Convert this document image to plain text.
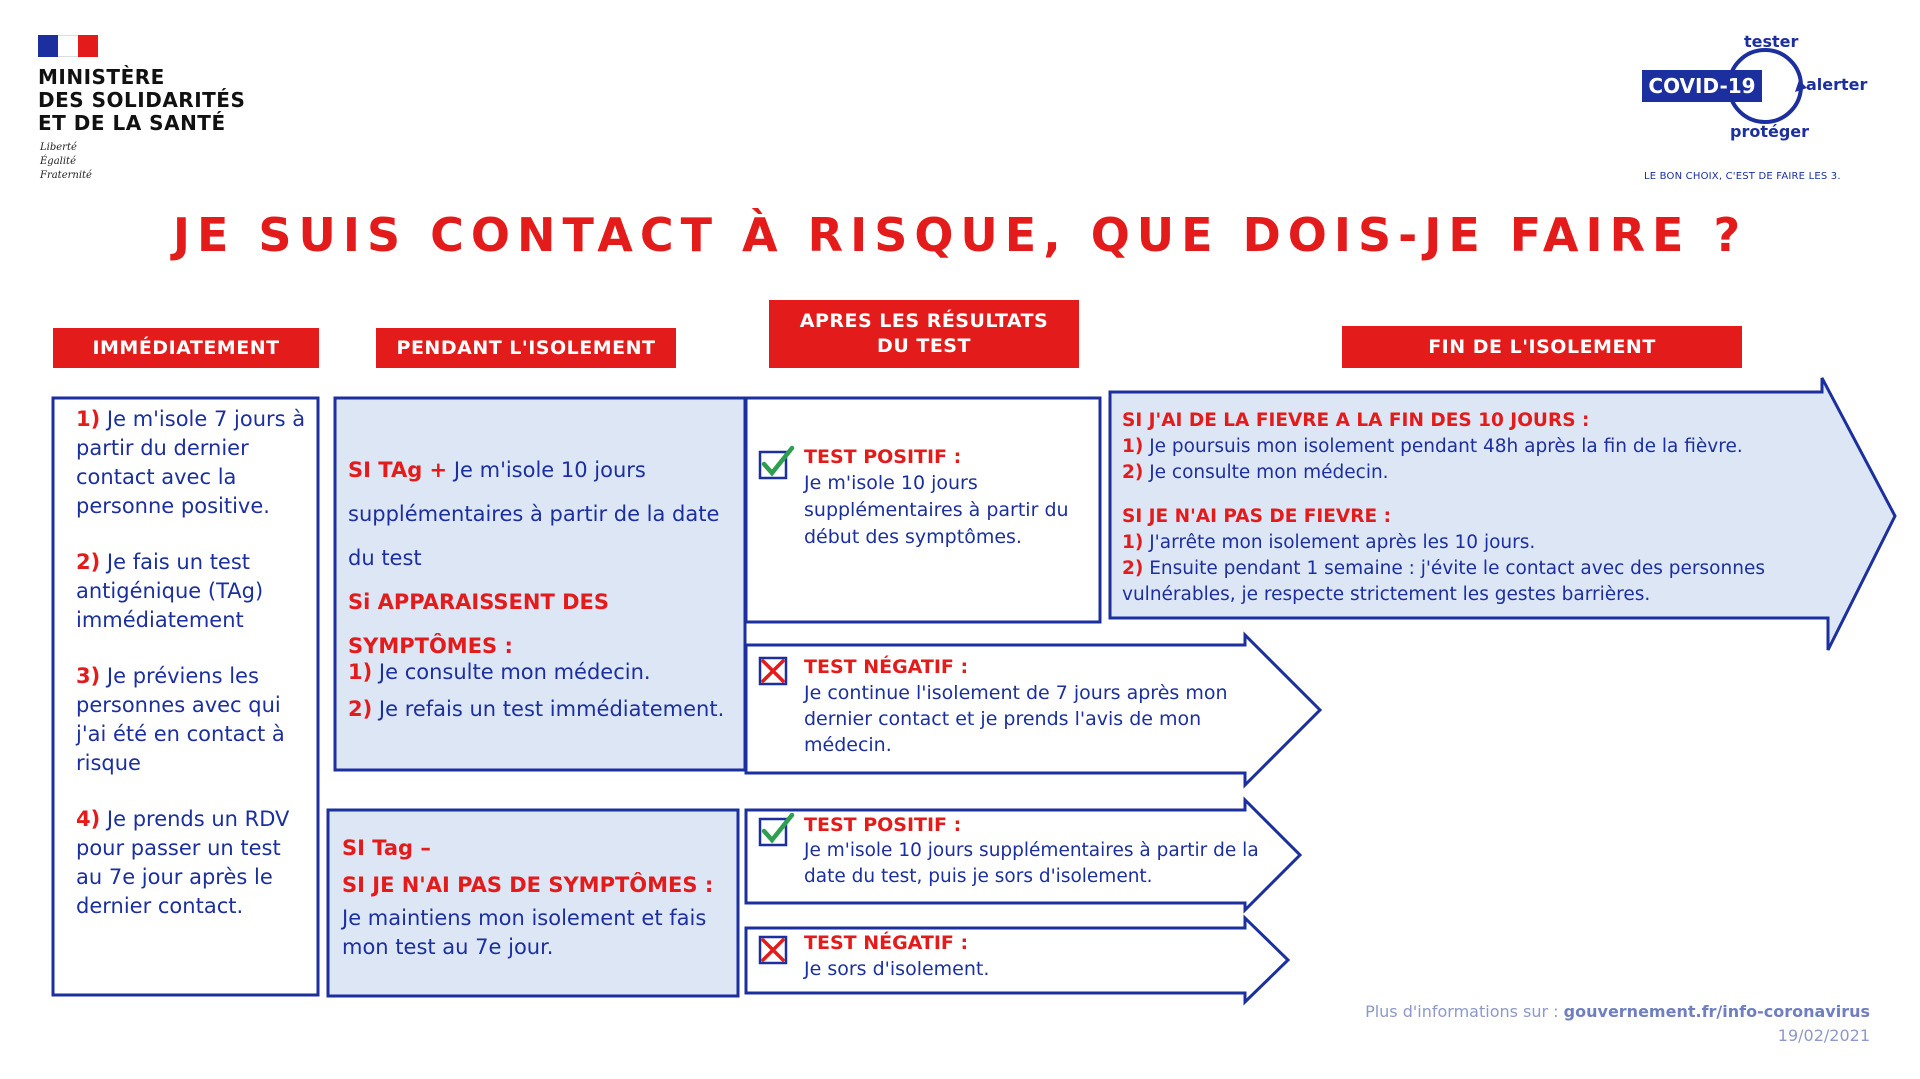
MINISTÈRE
DES SOLIDARITÉS
ET DE LA SANTÉ
Liberté
Égalité
Fraternité
COVID-19
tester
alerter
protéger
LE BON CHOIX, C'EST DE FAIRE LES 3.
JE SUIS CONTACT À RISQUE, QUE DOIS-JE FAIRE ?
IMMÉDIATEMENT	PENDANT L'ISOLEMENT
APRES LES RÉSULTATS
DU TEST	FIN DE L'ISOLEMENT

1) Je m'isole 7 jours à partir du dernier contact avec la personne positive.

2) Je fais un test antigénique (TAg) immédiatement

3) Je préviens les personnes avec qui j'ai été en contact à risque

4) Je prends un RDV pour passer un test au 7e jour après le dernier contact.

SI TAg + Je m'isole 10 jours supplémentaires à partir de la date du test

Si APPARAISSENT DES SYMPTÔMES :

1) Je consulte mon médecin.

2) Je refais un test immédiatement.

SI Tag –

SI JE N'AI PAS DE SYMPTÔMES :

Je maintiens mon isolement et fais mon test au 7e jour.

TEST POSITIF :

Je m'isole 10 jours supplémentaires à partir du début des symptômes.

TEST NÉGATIF :

Je continue l'isolement de 7 jours après mon dernier contact et je prends l'avis de mon médecin.

TEST POSITIF :

Je m'isole 10 jours supplémentaires à partir de la date du test, puis je sors d'isolement.

TEST NÉGATIF :

Je sors d'isolement.

SI J'AI DE LA FIEVRE A LA FIN DES 10 JOURS :

1) Je poursuis mon isolement pendant 48h après la fin de la fièvre.

2) Je consulte mon médecin.

SI JE N'AI PAS DE FIEVRE :

1) J'arrête mon isolement après les 10 jours.

2) Ensuite pendant 1 semaine : j'évite le contact avec des personnes vulnérables, je respecte strictement les gestes barrières.

Plus d'informations sur : gouvernement.fr/info-coronavirus
19/02/2021
